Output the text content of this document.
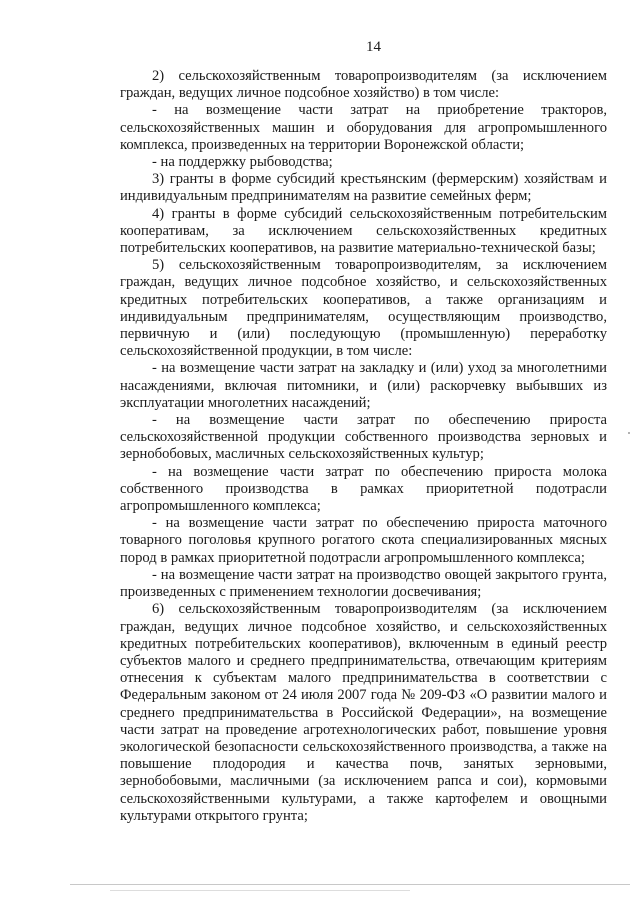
14

2) сельскохозяйственным товаропроизводителям (за исключением граждан, ведущих личное подсобное хозяйство) в том числе:

- на возмещение части затрат на приобретение тракторов, сельскохозяйственных машин и оборудования для агропромышленного комплекса, произведенных на территории Воронежской области;

- на поддержку рыбоводства;

3) гранты в форме субсидий крестьянским (фермерским) хозяйствам и индивидуальным предпринимателям на развитие семейных ферм;

4) гранты в форме субсидий сельскохозяйственным потребительским кооперативам, за исключением сельскохозяйственных кредитных потребительских кооперативов, на развитие материально-технической базы;

5) сельскохозяйственным товаропроизводителям, за исключением граждан, ведущих личное подсобное хозяйство, и сельскохозяйственных кредитных потребительских кооперативов, а также организациям и индивидуальным предпринимателям, осуществляющим производство, первичную и (или) последующую (промышленную) переработку сельскохозяйственной продукции, в том числе:

- на возмещение части затрат на закладку и (или) уход за многолетними насаждениями, включая питомники, и (или) раскорчевку выбывших из эксплуатации многолетних насаждений;

- на возмещение части затрат по обеспечению прироста сельскохозяйственной продукции собственного производства зерновых и зернобобовых, масличных сельскохозяйственных культур;

- на возмещение части затрат по обеспечению прироста молока собственного производства в рамках приоритетной подотрасли агропромышленного комплекса;

- на возмещение части затрат по обеспечению прироста маточного товарного поголовья крупного рогатого скота специализированных мясных пород в рамках приоритетной подотрасли агропромышленного комплекса;

- на возмещение части затрат на производство овощей закрытого грунта, произведенных с применением технологии досвечивания;

6) сельскохозяйственным товаропроизводителям (за исключением граждан, ведущих личное подсобное хозяйство, и сельскохозяйственных кредитных потребительских кооперативов), включенным в единый реестр субъектов малого и среднего предпринимательства, отвечающим критериям отнесения к субъектам малого предпринимательства в соответствии с Федеральным законом от 24 июля 2007 года № 209-ФЗ «О развитии малого и среднего предпринимательства в Российской Федерации», на возмещение части затрат на проведение агротехнологических работ, повышение уровня экологической безопасности сельскохозяйственного производства, а также на повышение плодородия и качества почв, занятых зерновыми, зернобобовыми, масличными (за исключением рапса и сои), кормовыми сельскохозяйственными культурами, а также картофелем и овощными культурами открытого грунта;
